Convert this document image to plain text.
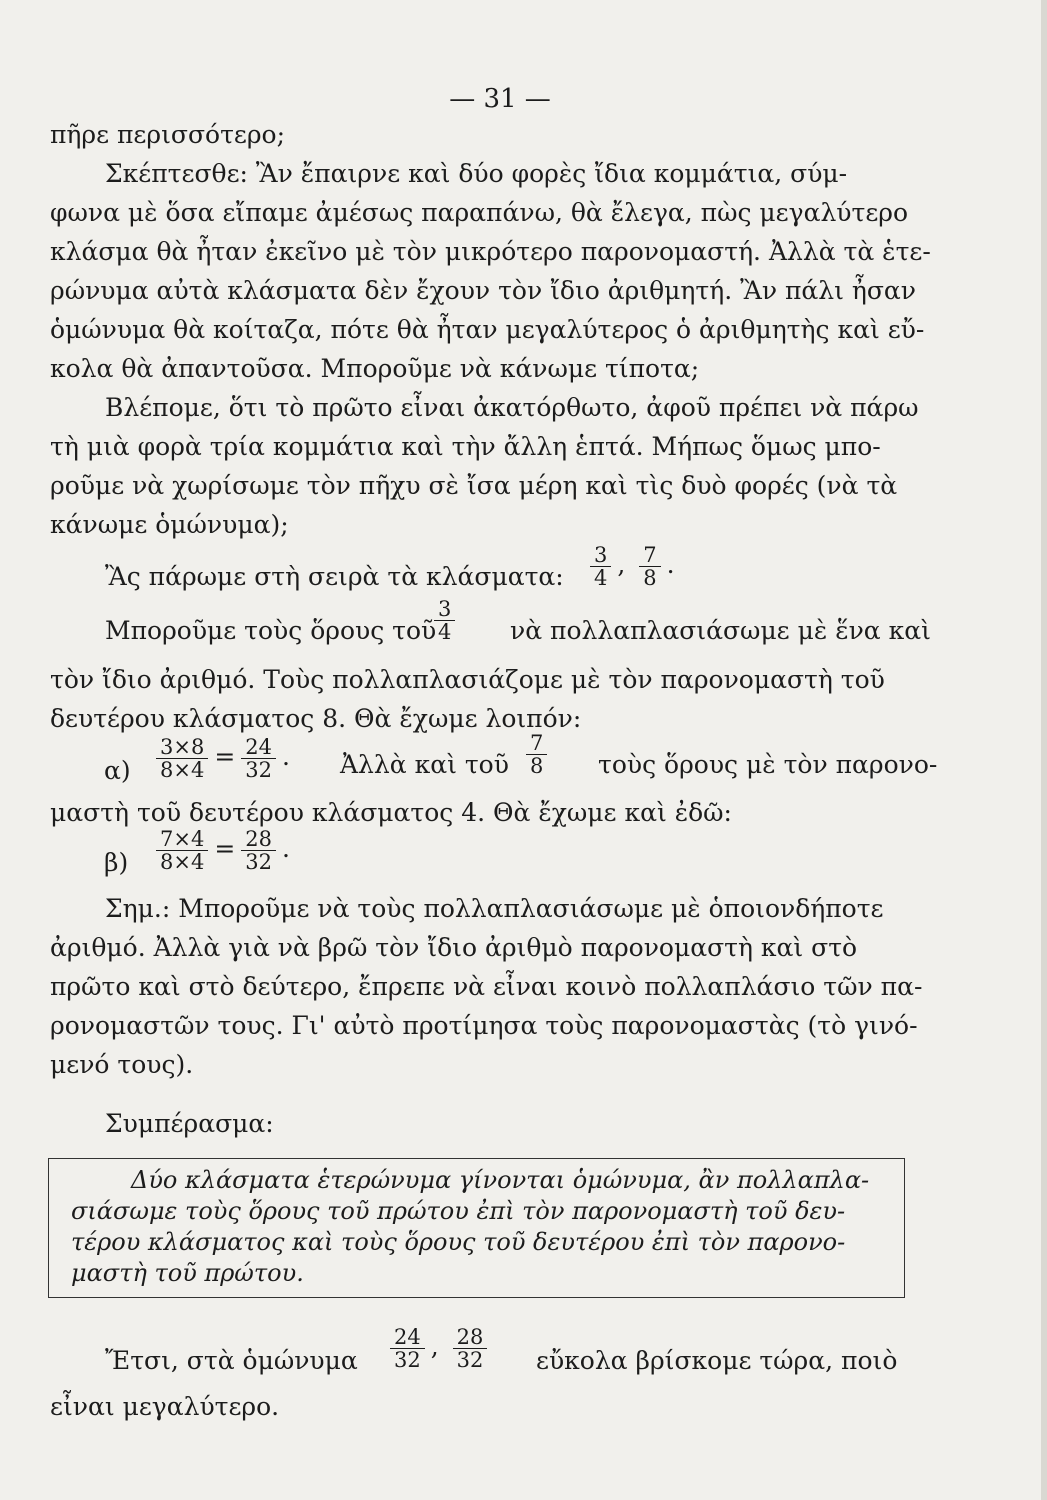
— 31 —
πῆρε περισσότερο;
Σκέπτεσθε: Ἂν ἔπαιρνε καὶ δύο φορὲς ἴδια κομμάτια, σύμ-
φωνα μὲ ὅσα εἴπαμε ἀμέσως παραπάνω, θὰ ἔλεγα, πὼς μεγαλύτερο
κλάσμα θὰ ἦταν ἐκεῖνο μὲ τὸν μικρότερο παρονομαστή. Ἀλλὰ τὰ ἑτε-
ρώνυμα αὐτὰ κλάσματα δὲν ἔχουν τὸν ἴδιο ἀριθμητή. Ἂν πάλι ἦσαν
ὁμώνυμα θὰ κοίταζα, πότε θὰ ἦταν μεγαλύτερος ὁ ἀριθμητὴς καὶ εὔ-
κολα θὰ ἀπαντοῦσα. Μποροῦμε νὰ κάνωμε τίποτα;
Βλέπομε, ὅτι τὸ πρῶτο εἶναι ἀκατόρθωτο, ἀφοῦ πρέπει νὰ πάρω
τὴ μιὰ φορὰ τρία κομμάτια καὶ τὴν ἄλλη ἑπτά. Μήπως ὅμως μπο-
ροῦμε νὰ χωρίσωμε τὸν πῆχυ σὲ ἴσα μέρη καὶ τὶς δυὸ φορές (νὰ τὰ
κάνωμε ὁμώνυμα);
Ἂς πάρωμε στὴ σειρὰ τὰ κλάσματα: $\frac{3}{4}$ , $\frac{7}{8}$ .
Μποροῦμε τοὺς ὅρους τοῦ
$\frac{3}{4}$ νὰ πολλαπλασιάσωμε μὲ ἕνα καὶ
τὸν ἴδιο ἀριθμό. Τοὺς πολλαπλασιάζομε μὲ τὸν παρονομαστὴ τοῦ
δευτέρου κλάσματος 8. Θὰ ἔχωμε λοιπόν:
$\alpha) \frac{3\times 8}{8\times 4} = \frac{24}{32}$ . Ἀλλὰ καὶ τοῦ $\frac{7}{8}$ τοὺς ὅρους μὲ τὸν παρονο-
μαστὴ τοῦ δευτέρου κλάσματος 4. Θὰ ἔχωμε καὶ ἐδῶ:
$\beta) \frac{7\times 4}{8\times 4} = \frac{28}{32}$ .
Σημ.: Μποροῦμε νὰ τοὺς πολλαπλασιάσωμε μὲ ὁποιονδήποτε
ἀριθμό. Ἀλλὰ γιὰ νὰ βρῶ τὸν ἴδιο ἀριθμὸ παρονομαστὴ καὶ στὸ
πρῶτο καὶ στὸ δεύτερο, ἔπρεπε νὰ εἶναι κοινὸ πολλαπλάσιο τῶν πα-
ρονομαστῶν τους. Γι' αὐτὸ προτίμησα τοὺς παρονομαστὰς (τὸ γινό-
μενό τους).
Συμπέρασμα:
Δύο κλάσματα ἑτερώνυμα γίνονται ὁμώνυμα, ἂν πολλαπλα-
σιάσωμε τοὺς ὅρους τοῦ πρώτου ἐπὶ τὸν παρονομαστὴ τοῦ δευ-
τέρου κλάσματος καὶ τοὺς ὅρους τοῦ δευτέρου ἐπὶ τὸν παρονο-
μαστὴ τοῦ πρώτου.
Ἔτσι, στὰ ὁμώνυμα $\frac{24}{32}$ , $\frac{28}{32}$ εὔκολα βρίσκομε τώρα, ποιὸ
εἶναι μεγαλύτερο.
